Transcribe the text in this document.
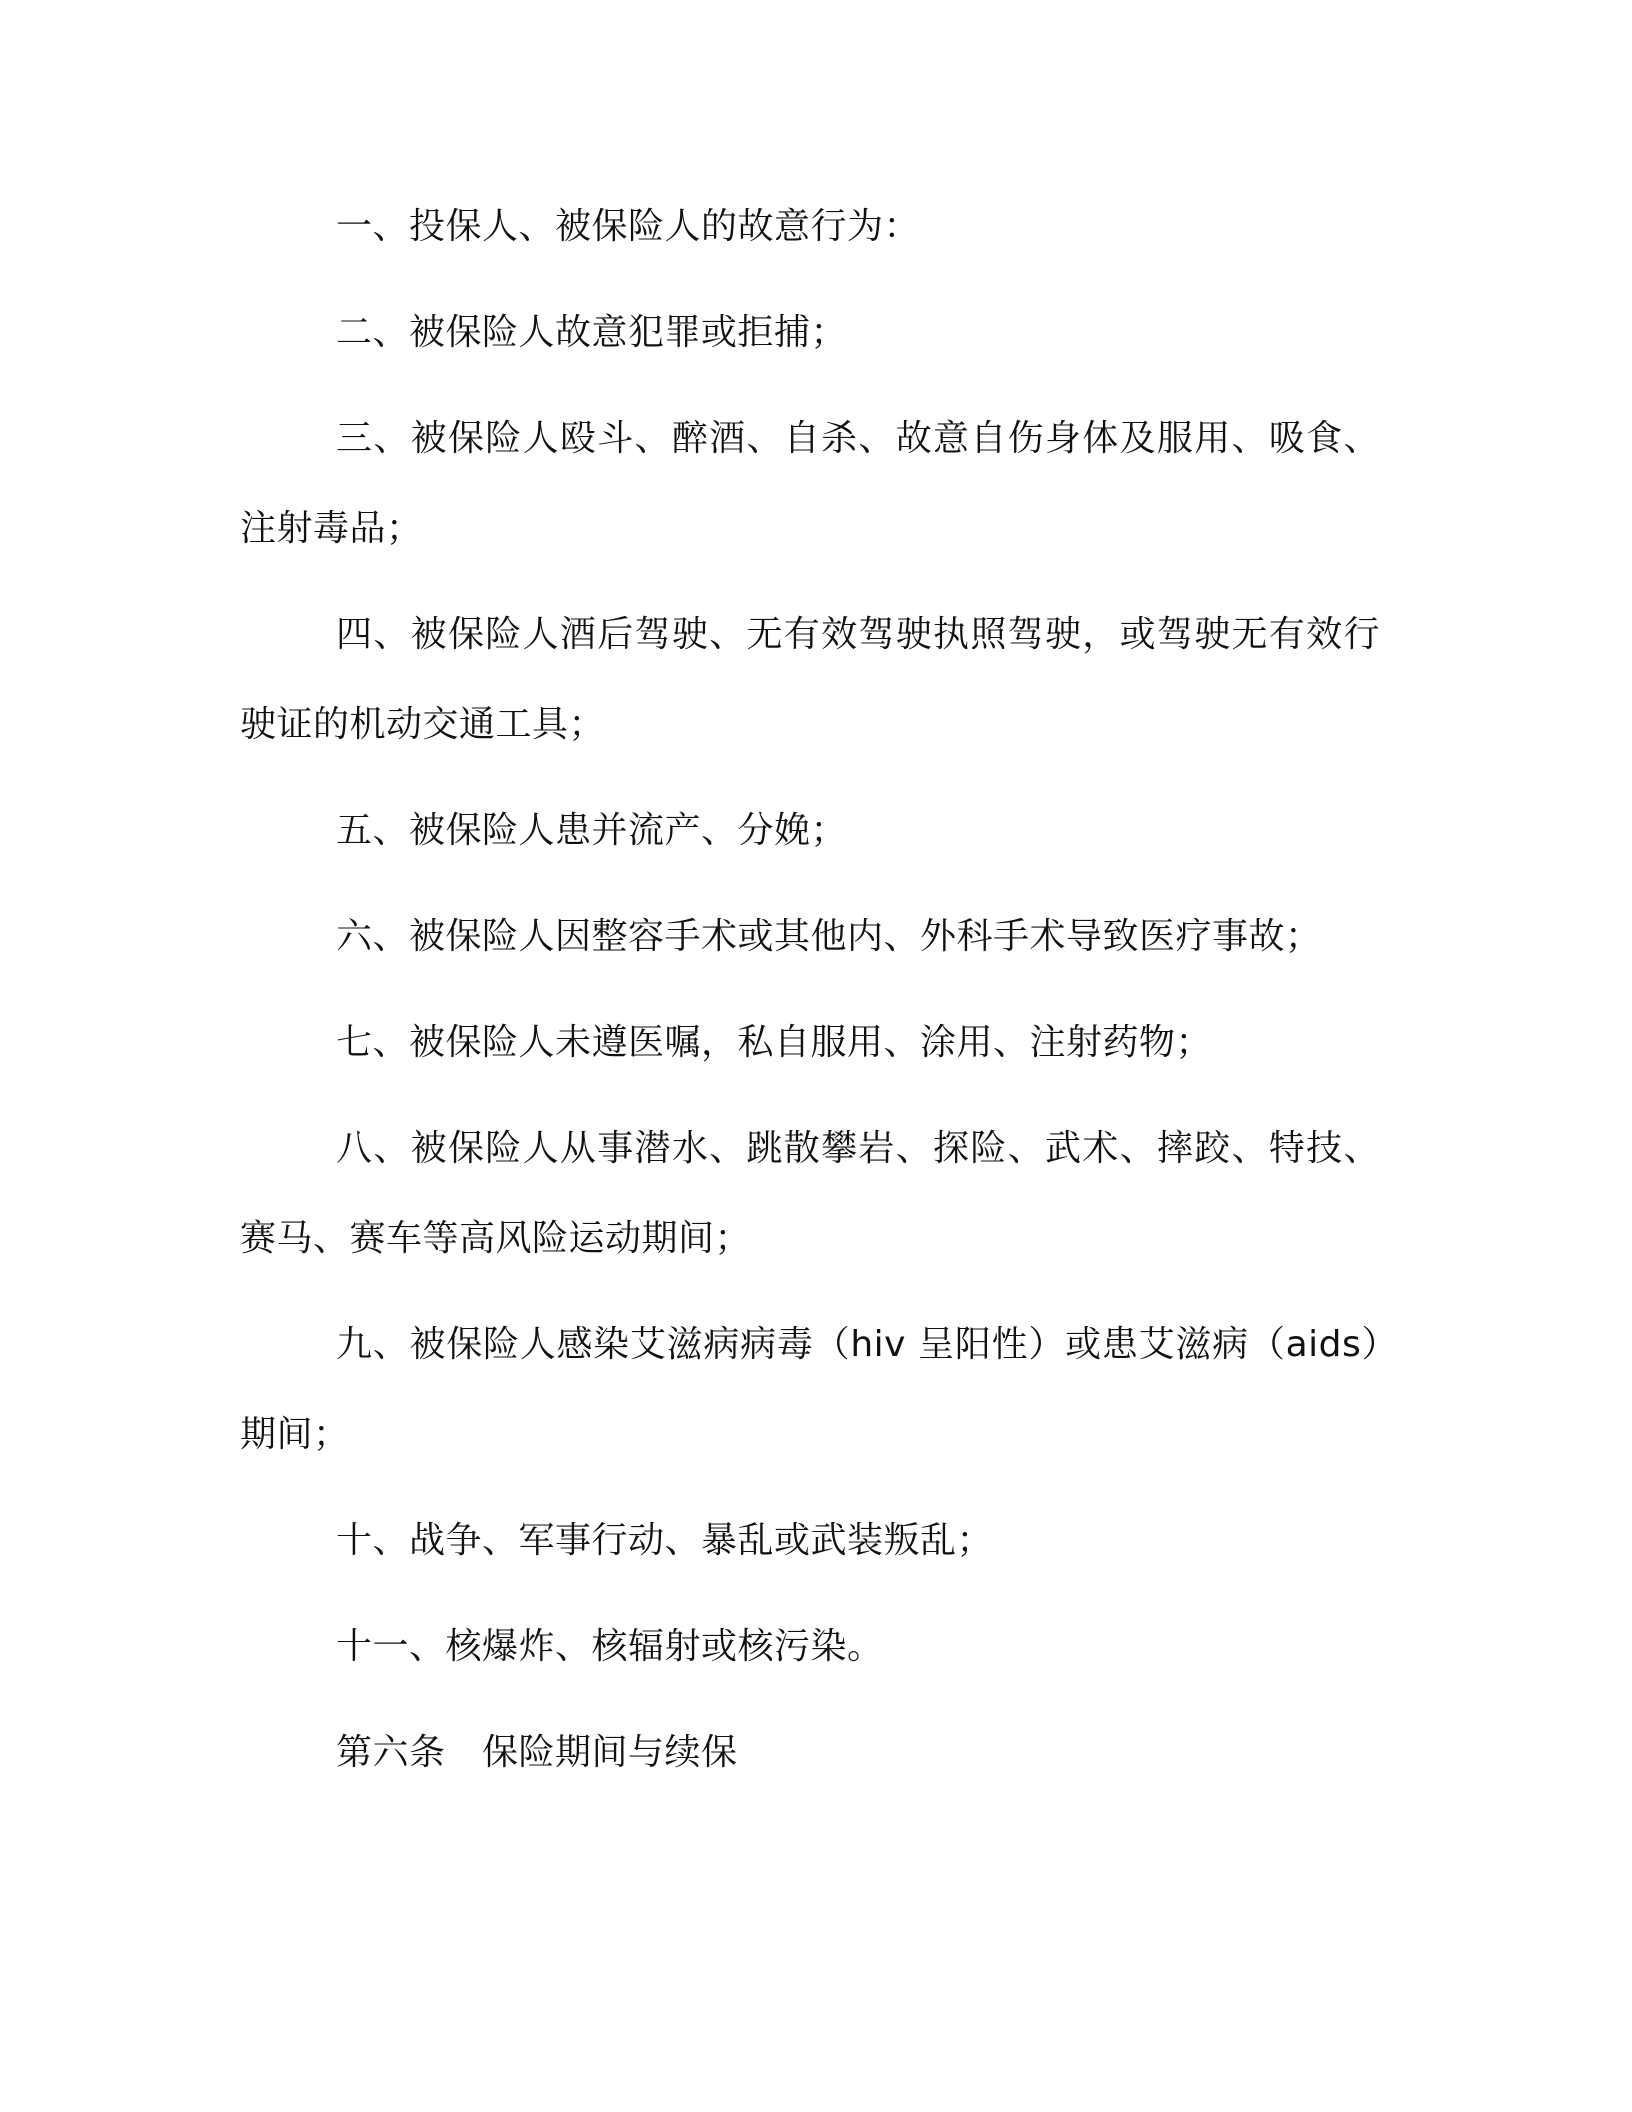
一、投保人、被保险人的故意行为：

二、被保险人故意犯罪或拒捕；

三、被保险人殴斗、醉酒、自杀、故意自伤身体及服用、吸食、注射毒品；

四、被保险人酒后驾驶、无有效驾驶执照驾驶，或驾驶无有效行驶证的机动交通工具；

五、被保险人患并流产、分娩；

六、被保险人因整容手术或其他内、外科手术导致医疗事故；

七、被保险人未遵医嘱，私自服用、涂用、注射药物；

八、被保险人从事潜水、跳散攀岩、探险、武术、摔跤、特技、赛马、赛车等高风险运动期间；

九、被保险人感染艾滋病病毒（hiv 呈阳性）或患艾滋病（aids）期间；

十、战争、军事行动、暴乱或武装叛乱；

十一、核爆炸、核辐射或核污染。

第六条　保险期间与续保
